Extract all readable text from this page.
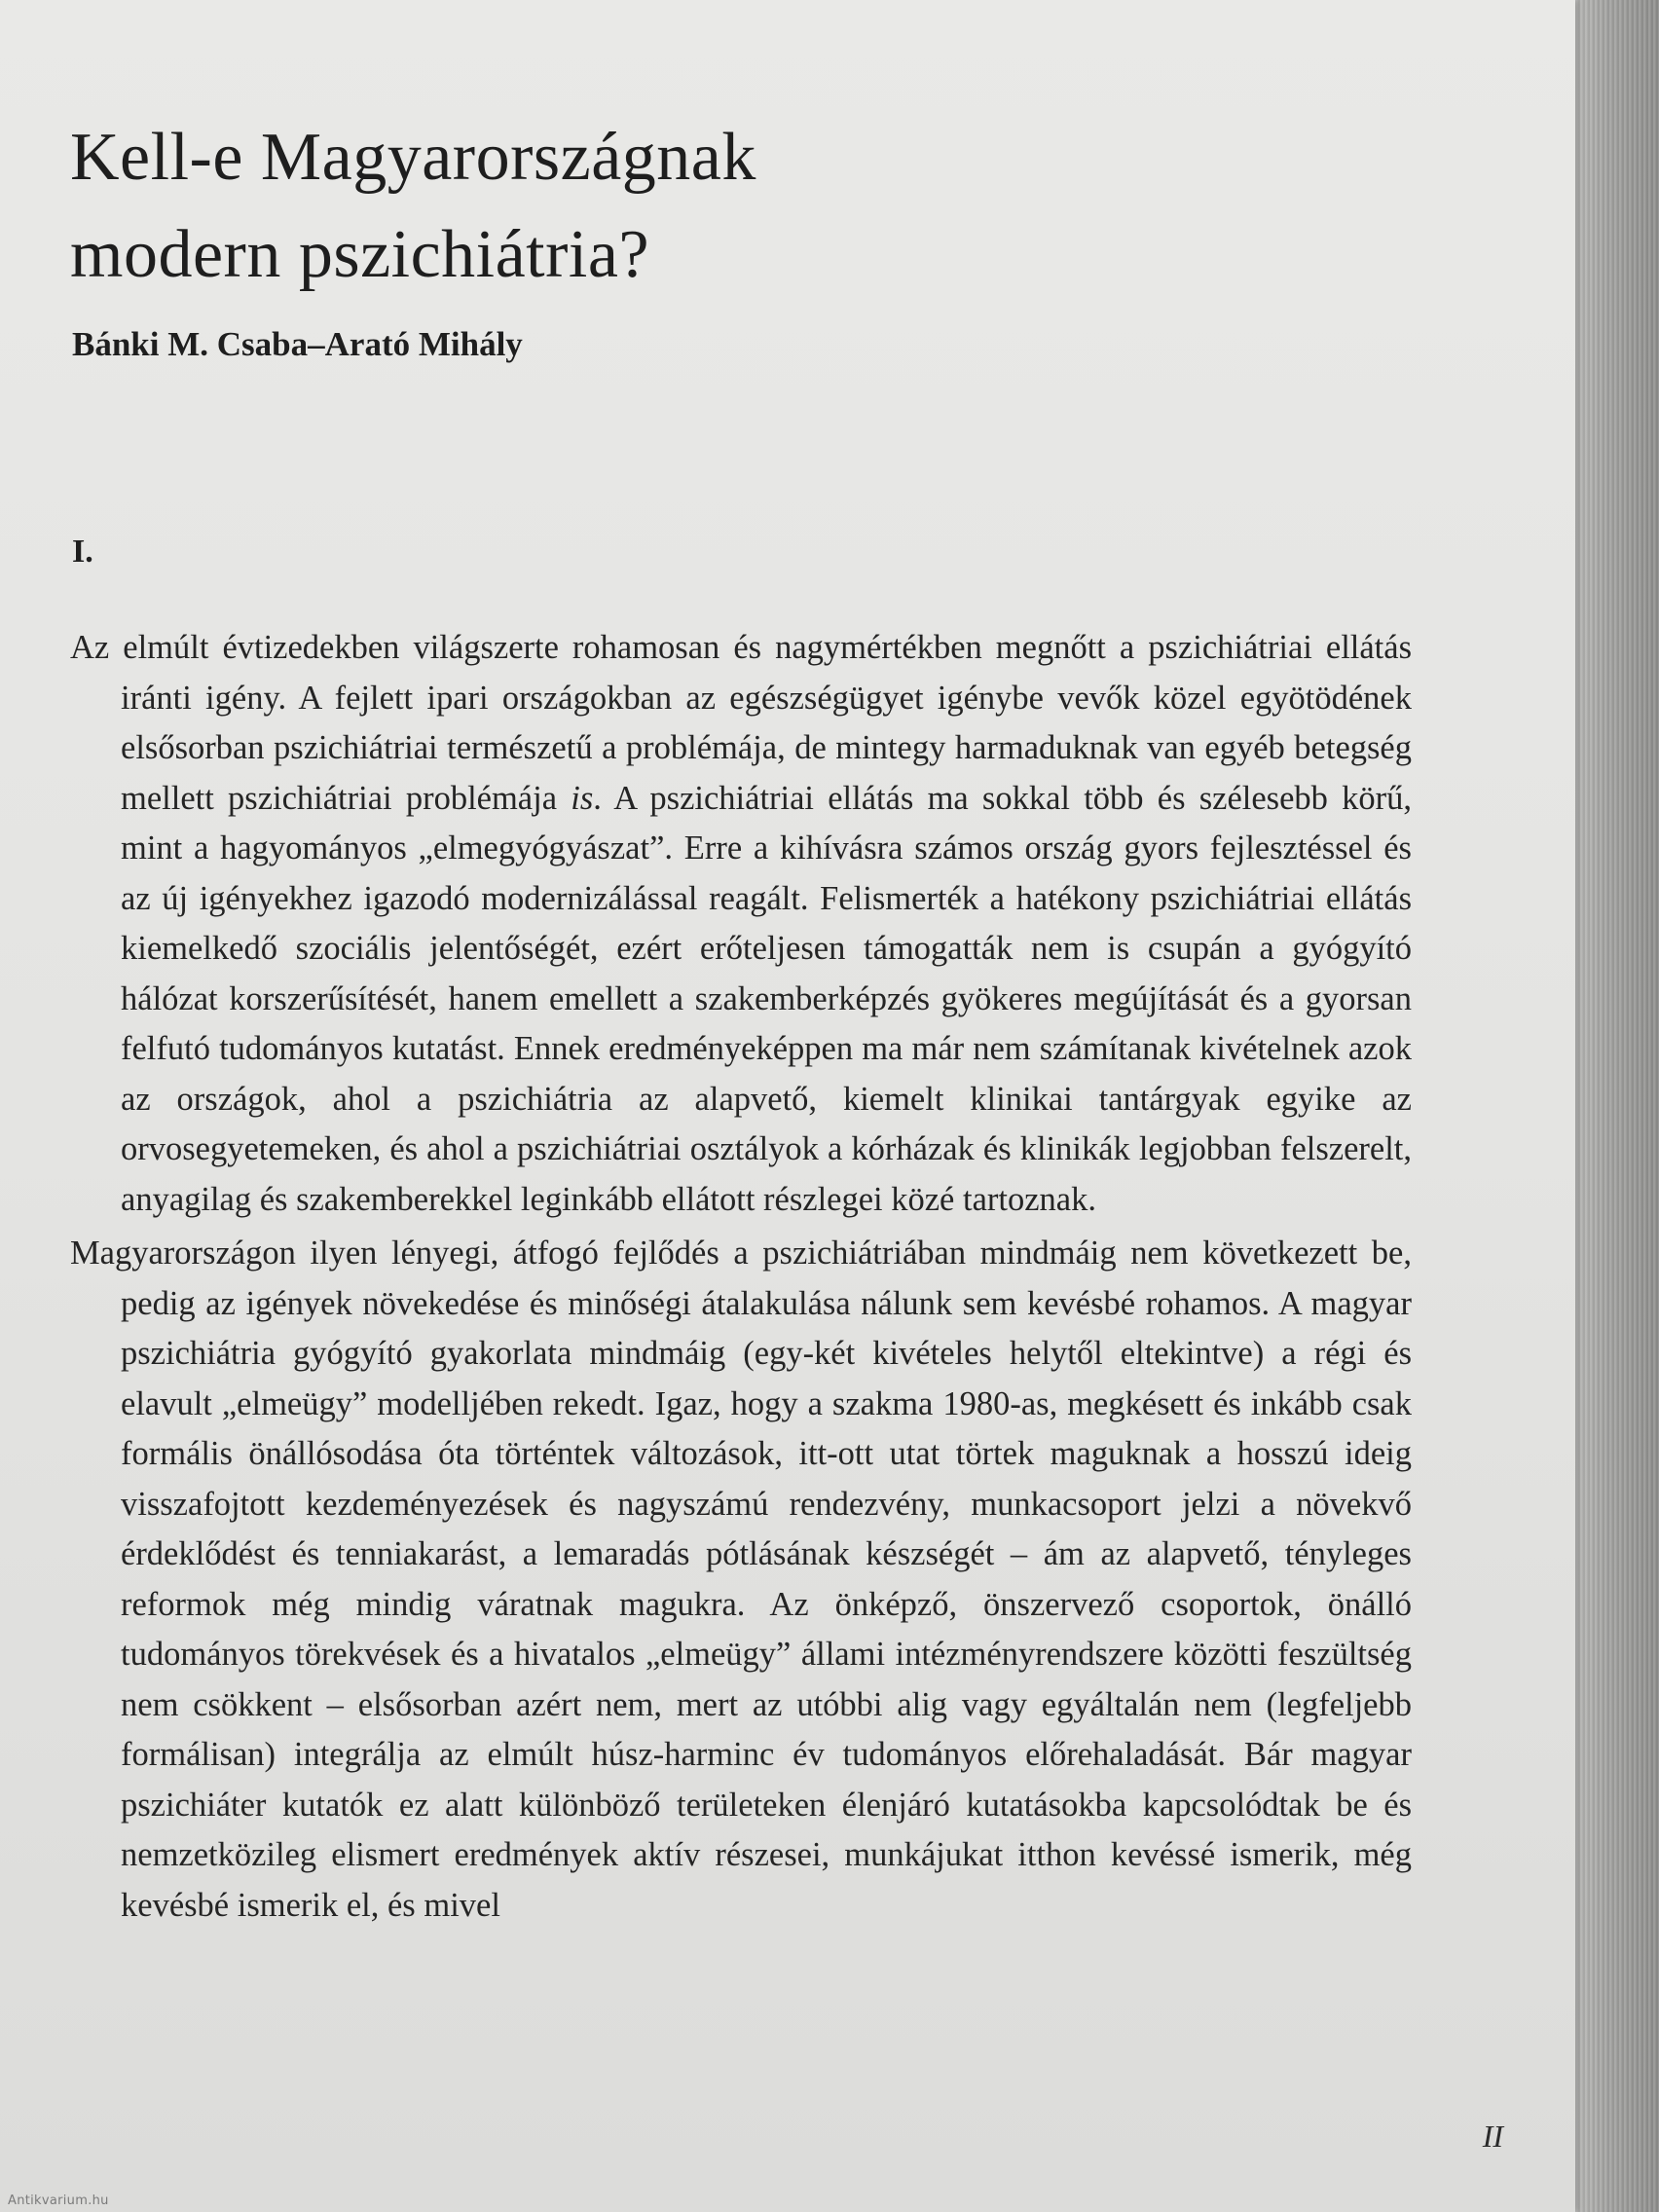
Kell-e Magyarországnak
modern pszichiátria?

Bánki M. Csaba–Arató Mihály

I.

Az elmúlt évtizedekben világszerte rohamosan és nagymértékben megnőtt a pszichiátriai ellátás iránti igény. A fejlett ipari országokban az egészségügyet igénybe vevők közel egyötödének elsősorban pszichiátriai természetű a problémája, de mintegy harmaduknak van egyéb betegség mellett pszichiátriai problémája is. A pszichiátriai ellátás ma sokkal több és szélesebb körű, mint a hagyományos „elmegyógyászat”. Erre a kihívásra számos ország gyors fejlesztéssel és az új igényekhez igazodó modernizálással reagált. Felismerték a hatékony pszichiátriai ellátás kiemelkedő szociális jelentőségét, ezért erőteljesen támogatták nem is csupán a gyógyító hálózat korszerűsítését, hanem emellett a szakemberképzés gyökeres megújítását és a gyorsan felfutó tudományos kutatást. Ennek eredményeképpen ma már nem számítanak kivételnek azok az országok, ahol a pszichiátria az alapvető, kiemelt klinikai tantárgyak egyike az orvosegyetemeken, és ahol a pszichiátriai osztályok a kórházak és klinikák legjobban felszerelt, anyagilag és szakemberekkel leginkább ellátott részlegei közé tartoznak.

Magyarországon ilyen lényegi, átfogó fejlődés a pszichiátriában mindmáig nem következett be, pedig az igények növekedése és minőségi átalakulása nálunk sem kevésbé rohamos. A magyar pszichiátria gyógyító gyakorlata mindmáig (egy-két kivételes helytől eltekintve) a régi és elavult „elmeügy” modelljében rekedt. Igaz, hogy a szakma 1980-as, megkésett és inkább csak formális önállósodása óta történtek változások, itt-ott utat törtek maguknak a hosszú ideig visszafojtott kezdeményezések és nagyszámú rendezvény, munkacsoport jelzi a növekvő érdeklődést és tenniakarást, a lemaradás pótlásának készségét – ám az alapvető, tényleges reformok még mindig váratnak magukra. Az önképző, önszervező csoportok, önálló tudományos törekvések és a hivatalos „elmeügy” állami intézményrendszere közötti feszültség nem csökkent – elsősorban azért nem, mert az utóbbi alig vagy egyáltalán nem (legfeljebb formálisan) integrálja az elmúlt húsz-harminc év tudományos előrehaladását. Bár magyar pszichiáter kutatók ez alatt különböző területeken élenjáró kutatásokba kapcsolódtak be és nemzetközileg elismert eredmények aktív részesei, munkájukat itthon kevéssé ismerik, még kevésbé ismerik el, és mivel

II

Antikvarium.hu
